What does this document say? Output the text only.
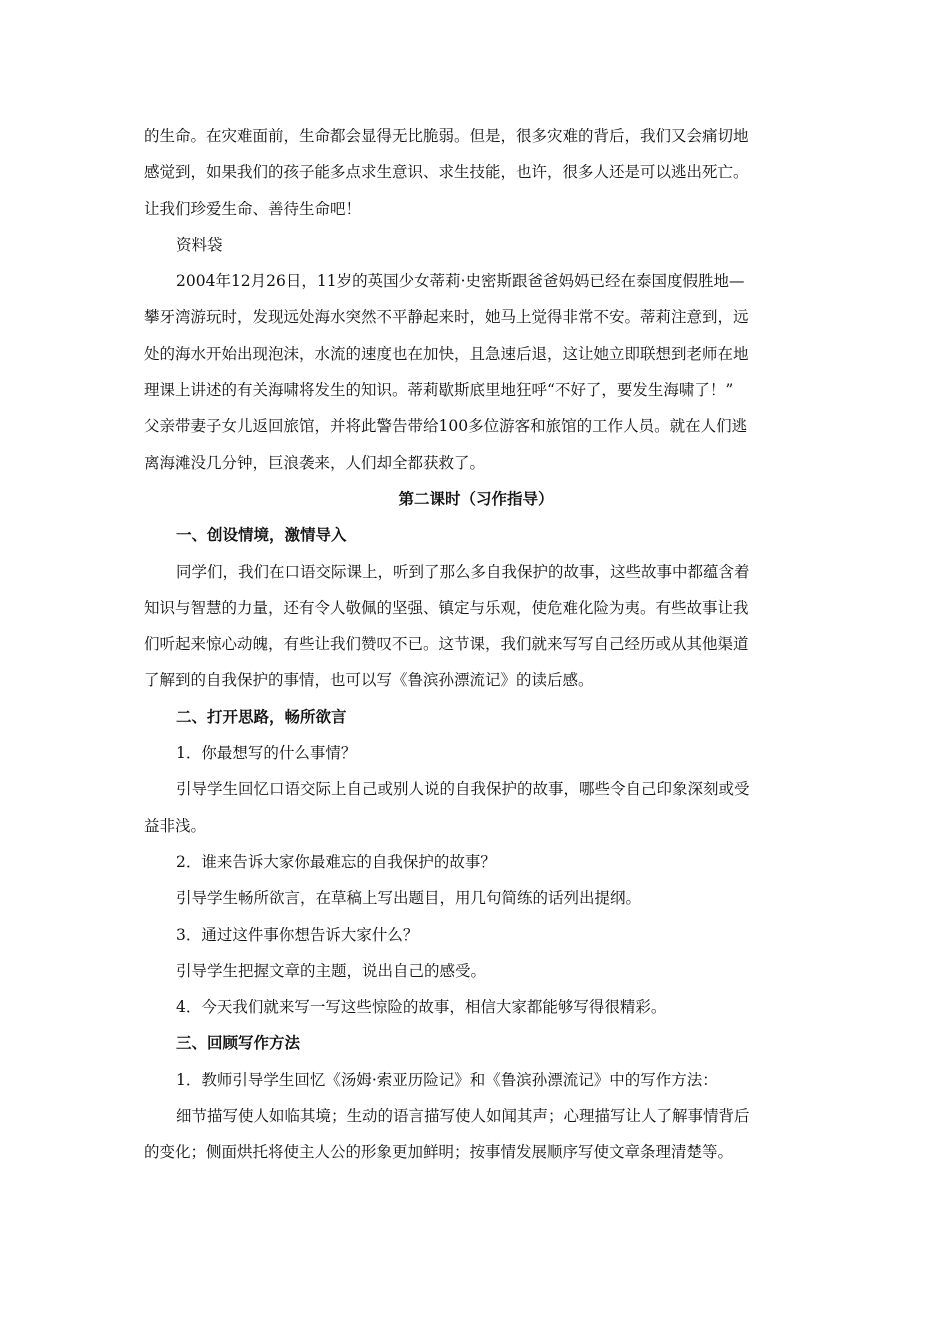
的生命。在灾难面前，生命都会显得无比脆弱。但是，很多灾难的背后，我们又会痛切地

感觉到，如果我们的孩子能多点求生意识、求生技能，也许，很多人还是可以逃出死亡。

让我们珍爱生命、善待生命吧！

资料袋

2004年12月26日，11岁的英国少女蒂莉·史密斯跟爸爸妈妈已经在泰国度假胜地—

攀牙湾游玩时，发现远处海水突然不平静起来时，她马上觉得非常不安。蒂莉注意到，远

处的海水开始出现泡沫，水流的速度也在加快，且急速后退，这让她立即联想到老师在地

理课上讲述的有关海啸将发生的知识。蒂莉歇斯底里地狂呼“不好了，要发生海啸了！”

父亲带妻子女儿返回旅馆，并将此警告带给100多位游客和旅馆的工作人员。就在人们逃

离海滩没几分钟，巨浪袭来，人们却全都获救了。

第二课时（习作指导）

一、创设情境，激情导入

同学们，我们在口语交际课上，听到了那么多自我保护的故事，这些故事中都蕴含着

知识与智慧的力量，还有令人敬佩的坚强、镇定与乐观，使危难化险为夷。有些故事让我

们听起来惊心动魄，有些让我们赞叹不已。这节课，我们就来写写自己经历或从其他渠道

了解到的自我保护的事情，也可以写《鲁滨孙漂流记》的读后感。

二、打开思路，畅所欲言

1．你最想写的什么事情？

引导学生回忆口语交际上自己或别人说的自我保护的故事，哪些令自己印象深刻或受

益非浅。

2．谁来告诉大家你最难忘的自我保护的故事？

引导学生畅所欲言，在草稿上写出题目，用几句简练的话列出提纲。

3．通过这件事你想告诉大家什么？

引导学生把握文章的主题，说出自己的感受。

4．今天我们就来写一写这些惊险的故事，相信大家都能够写得很精彩。

三、回顾写作方法

1．教师引导学生回忆《汤姆·索亚历险记》和《鲁滨孙漂流记》中的写作方法：

细节描写使人如临其境；生动的语言描写使人如闻其声；心理描写让人了解事情背后

的变化；侧面烘托将使主人公的形象更加鲜明；按事情发展顺序写使文章条理清楚等。
